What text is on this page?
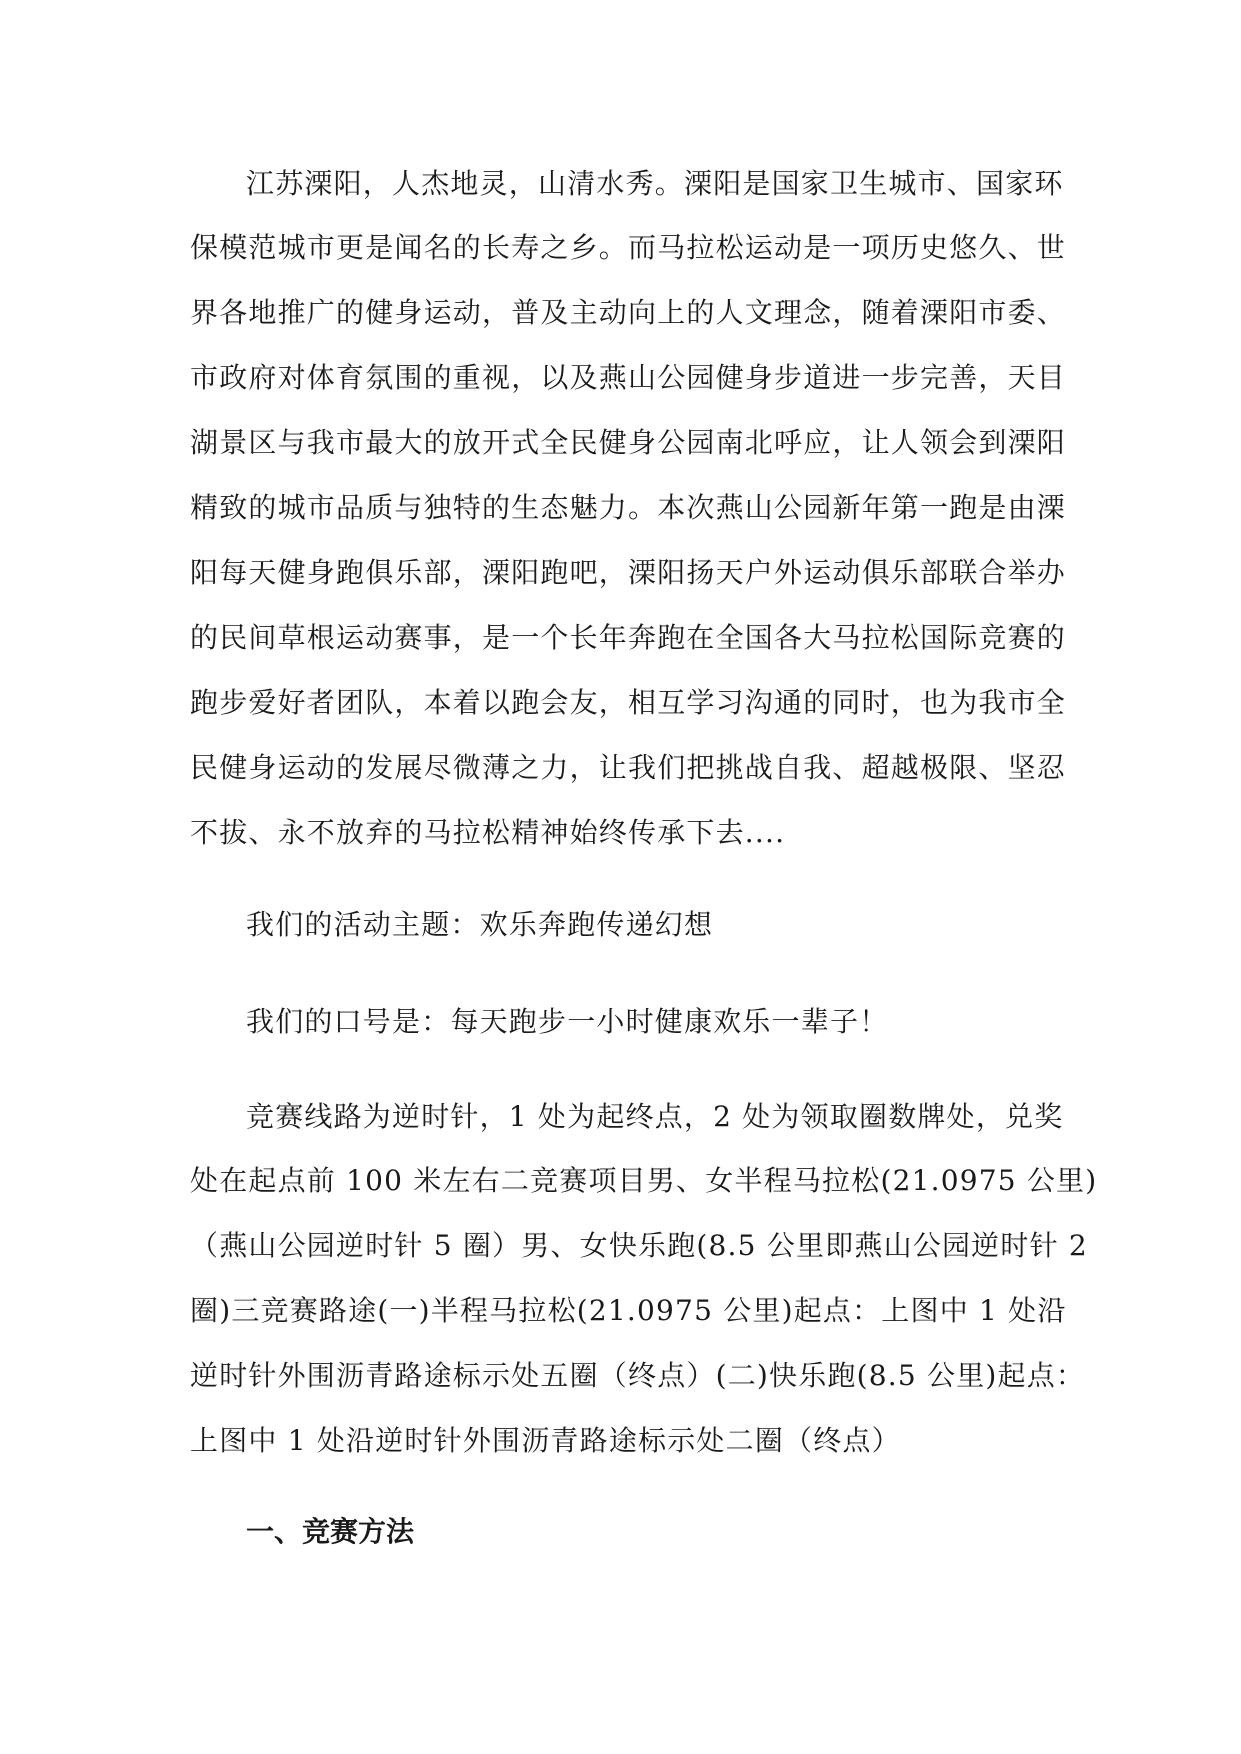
江苏溧阳，人杰地灵，山清水秀。溧阳是国家卫生城市、国家环
保模范城市更是闻名的长寿之乡。而马拉松运动是一项历史悠久、世
界各地推广的健身运动，普及主动向上的人文理念，随着溧阳市委、
市政府对体育氛围的重视，以及燕山公园健身步道进一步完善，天目
湖景区与我市最大的放开式全民健身公园南北呼应，让人领会到溧阳
精致的城市品质与独特的生态魅力。本次燕山公园新年第一跑是由溧
阳每天健身跑俱乐部，溧阳跑吧，溧阳扬天户外运动俱乐部联合举办
的民间草根运动赛事，是一个长年奔跑在全国各大马拉松国际竞赛的
跑步爱好者团队，本着以跑会友，相互学习沟通的同时，也为我市全
民健身运动的发展尽微薄之力，让我们把挑战自我、超越极限、坚忍
不拔、永不放弃的马拉松精神始终传承下去....
我们的活动主题：欢乐奔跑传递幻想
我们的口号是：每天跑步一小时健康欢乐一辈子！
竞赛线路为逆时针，1 处为起终点，2 处为领取圈数牌处，兑奖
处在起点前 100 米左右二竞赛项目男、女半程马拉松(21.0975 公里)
（燕山公园逆时针 5 圈）男、女快乐跑(8.5 公里即燕山公园逆时针 2
圈)三竞赛路途(一)半程马拉松(21.0975 公里)起点：上图中 1 处沿
逆时针外围沥青路途标示处五圈（终点）(二)快乐跑(8.5 公里)起点：
上图中 1 处沿逆时针外围沥青路途标示处二圈（终点）
一、竞赛方法
